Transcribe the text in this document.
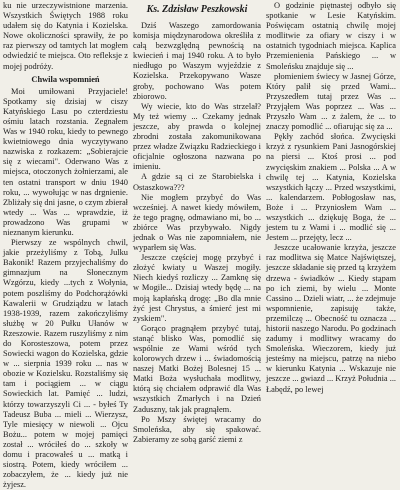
ku nie urzeczywistnione marzenia. Wszystkich Świętych 1988 roku udałem się do Katynia i Kozielska. Nowe okoliczności sprawiły, że po raz pierwszy od tamtych lat mogłem odwiedzić te miejsca. Oto refleksje z mojej podróży.

Chwila wspomnień

Moi umiłowani Przyjaciele! Spotkamy się dzisiaj w ciszy Katyńskiego Lasu po czterdziestu ośmiu latach rozstania. Zegnałem Was w 1940 roku, kiedy to pewnego kwietniowego dnia wyczytywano nazwiska z rozkazem: „Sobierajcie się z wiecami". Oderwano Was z miejsca, otoczonych żołnierzami, ale ten ostatni transport w dniu 1940 roku, ... wywołując w nas drgnienie. Zbliżały się dni jasne, o czym zbierał wtedy ... Was ... wprawdzie, iż prowadzono Was grupami w nieznanym kierunku.

Pierwszy ze wspólnych chwil, jakie przeżyliśmy z Tobą, Julku Bakonik! Razem przyjechaliśmy do gimnazjum na Słonecznym Wzgórzu, kiedy ...tych z Wołynia, potem poszliśmy do Podchorążówki Kawalerii w Grudziądzu w latach 1938-1939, razem zakończyliśmy służbę w 20 Pułku Ułanów w Rzeszowie. Razem ruszyliśmy z nim do Korosteszowa, potem przez Sowiecki wagon do Kozielska, gdzie w ... sierpnia 1939 roku ... nas w obozie w Kozielsku. Rozstaliśmy się tam i pociągiem ... w ciągu Sowieckich lat. Pamięć ... ludzi, którzy towarzyszyli Ci ... - byłeś Ty Tadeusz Buba ... mieli ... Wierzysz, Tyle miesięcy w niewoli ... Ojcu Bożu... potem w mojej pamięci został ... wróciłeś do ... szkoły w domu i pracowałeś u ... matką i siostrą. Potem, kiedy wróciłem ... zobaczyłem, że ... kiedy już nie żyjesz.

Ks. Zdzisław Peszkowski

Dziś Waszego zamordowania komisja międzynarodowa określiła z całą bezwzględną pewnością na kwiecień i maj 1940 roku. A to było niedługo po Waszym wyjeździe z Kozielska. Przekopywano Wasze groby, pochowano Was potem zbiorowo.

Wy wiecie, kto do Was strzelał? My też wiemy ... Czekamy jednak jeszcze, aby prawda o kolejnej zbrodni została zakomunikowana przez władze Związku Radzieckiego i oficjalnie ogłoszona nazwana po imieniu.

A gdzie są ci ze Starobielska i Ostaszkowa???

Nie mogłem przybyć do Was wcześniej. A nawet kiedy mówiłem, że tego pragnę, odmawiano mi, bo ... zbiórce Was przybywało. Nigdy jednak o Was nie zapomniałem, nie wyparłem się Was.

Jeszcze częściej mogę przybyć i złożyć kwiaty u Waszej mogiły. Niech kiedyś rozliczy ... Zamknę się w Mogile... Dzisiaj wtedy będę ... na moją kapłańską drogę: „Bo dla mnie żyć jest Chrystus, a śmierć jest mi zyskiem".

Gorąco pragnąłem przybyć tutaj, stanąć blisko Was, pomodlić się wspólnie ze Wami wśród tych kolorowych drzew i ... świadomością naszej Matki Bożej Bolesnej 15 ... Matki Boża wysłuchała modlitwy, którą się chciałem odprawić dla Was wszystkich Zmarłych i na Dzień Zaduszny, tak jak pragnąłem.

Po Mszy świętej wracamy do Smoleńska, aby się spakować. Zabieramy ze sobą garść ziemi z

O godzinie piętnastej odbyło się spotkanie w Lesie Katyńskim. Poświęcam ostatnią chwilę mojej modlitwie za ofiary w ciszy i w ostatnich tygodniach miejsca. Kaplica Przemienienia Pańskiego ... w Smoleńsku znajduje się ...

płomieniem świecy w Jasnej Górze, Który palił się przed Wami... Przyszedłem tutaj przez Was ... Przyjąłem Was poprzez ... Was ... Przyszło Wam ... z żalem, że ... to znaczy pomodlić ... ofiarując się za ...

Pękły zachód słońca. Zwycięski krzyż z rysunkiem Pani Jasnogórskiej na piersi ... Ktoś prosi ... pod zwycięskim znakiem ... Polska ... A w chwilę tej ... Katynia, Kozielska wszystkich łączy ... Przed wszystkimi, ... kalendarzem. Pobłogosław nas, Boże i ... Przyniosłem Wam ... wszystkich ... dziękuję Boga, że ... jestem tu z Wami i ... modlić się ... Jestem ... przejęty, lecz ...

Jeszcze ucałowanie krzyża, jeszcze raz modlitwa się Matce Najświętszej, jeszcze składanie się przed tą krzyżem drzewa - świadków ... Kiedy stąpam po ich ziemi, by wielu ... Monte Cassino ... Dzieli wiatr, ... że zdejmuje wspomnienie, zapisuję także, przemilczę ... Obecność tu oznacza ... historii naszego Narodu. Po godzinach zadumy i modlitwy wracamy do Smoleńska. Wieczorem, kiedy już jesteśmy na miejscu, patrzę na niebo w kierunku Katynia ... Wskazuje nie jeszcze ... gwiazd ... Krzyż Południa ... Łabędź, po lewej
